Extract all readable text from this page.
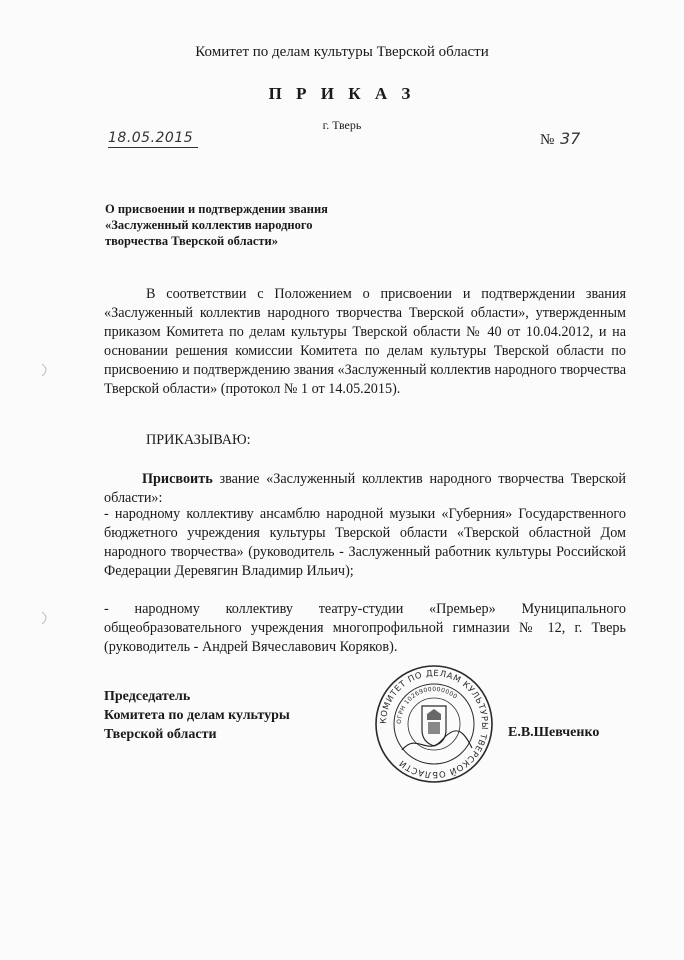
Комитет по делам культуры Тверской области
П Р И К А З
г. Тверь
18.05.2015	№ 37
О присвоении и подтверждении звания
«Заслуженный коллектив народного
творчества Тверской области»
В соответствии с Положением о присвоении и подтверждении звания «Заслуженный коллектив народного творчества Тверской области», утвержденным приказом Комитета по делам культуры Тверской области № 40 от 10.04.2012, и на основании решения комиссии Комитета по делам культуры Тверской области по присвоению и подтверждению звания «Заслуженный коллектив народного творчества Тверской области» (протокол № 1 от 14.05.2015).
ПРИКАЗЫВАЮ:
Присвоить звание «Заслуженный коллектив народного творчества Тверской области»:
- народному коллективу ансамблю народной музыки «Губерния» Государственного бюджетного учреждения культуры Тверской области «Тверской областной Дом народного творчества» (руководитель - Заслуженный работник культуры Российской Федерации Деревягин Владимир Ильич);
- народному коллективу театру-студии «Премьер» Муниципального общеобразовательного учреждения многопрофильной гимназии № 12, г. Тверь (руководитель - Андрей Вячеславович Коряков).
Председатель
Комитета по делам культуры
Тверской области	Е.В.Шевченко
КОМИТЕТ ПО ДЕЛАМ КУЛЬТУРЫ ТВЕРСКОЙ ОБЛАСТИ
ОГРН 1026900000000
